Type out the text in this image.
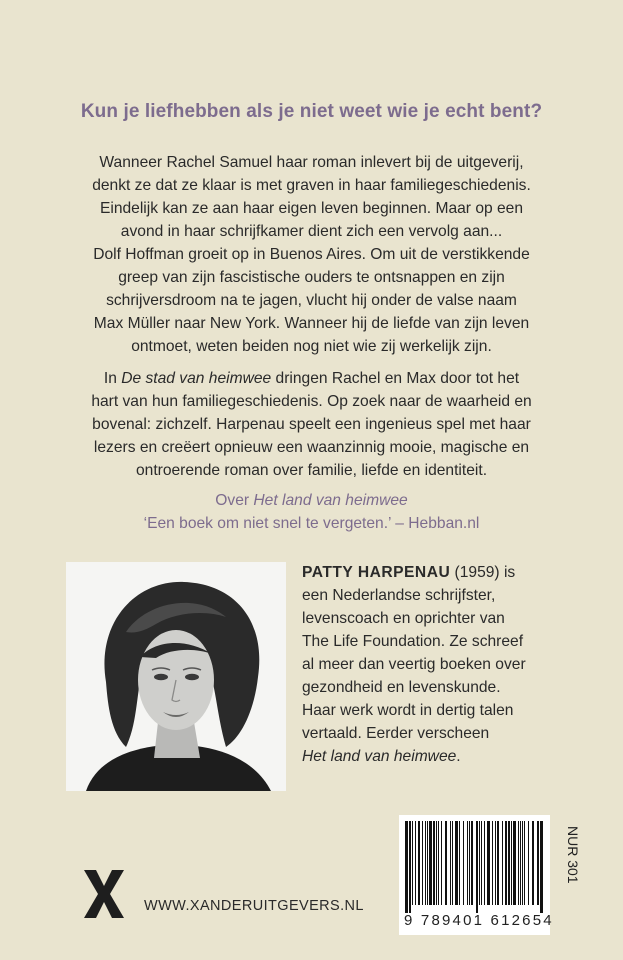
Kun je liefhebben als je niet weet wie je echt bent?
Wanneer Rachel Samuel haar roman inlevert bij de uitgeverij,
denkt ze dat ze klaar is met graven in haar familiegeschiedenis.
Eindelijk kan ze aan haar eigen leven beginnen. Maar op een
avond in haar schrijfkamer dient zich een vervolg aan...
Dolf Hoffman groeit op in Buenos Aires. Om uit de verstikkende
greep van zijn fascistische ouders te ontsnappen en zijn
schrijversdroom na te jagen, vlucht hij onder de valse naam
Max Müller naar New York. Wanneer hij de liefde van zijn leven
ontmoet, weten beiden nog niet wie zij werkelijk zijn.
In De stad van heimwee dringen Rachel en Max door tot het
hart van hun familiegeschiedenis. Op zoek naar de waarheid en
bovenal: zichzelf. Harpenau speelt een ingenieus spel met haar
lezers en creëert opnieuw een waanzinnig mooie, magische en
ontroerende roman over familie, liefde en identiteit.
Over Het land van heimwee
‘Een boek om niet snel te vergeten.’ – Hebban.nl
PATTY HARPENAU (1959) is
een Nederlandse schrijfster,
levenscoach en oprichter van
The Life Foundation. Ze schreef
al meer dan veertig boeken over
gezondheid en levenskunde.
Haar werk wordt in dertig talen
vertaald. Eerder verscheen
Het land van heimwee.
9 789401 612654
NUR 301
WWW.XANDERUITGEVERS.NL
